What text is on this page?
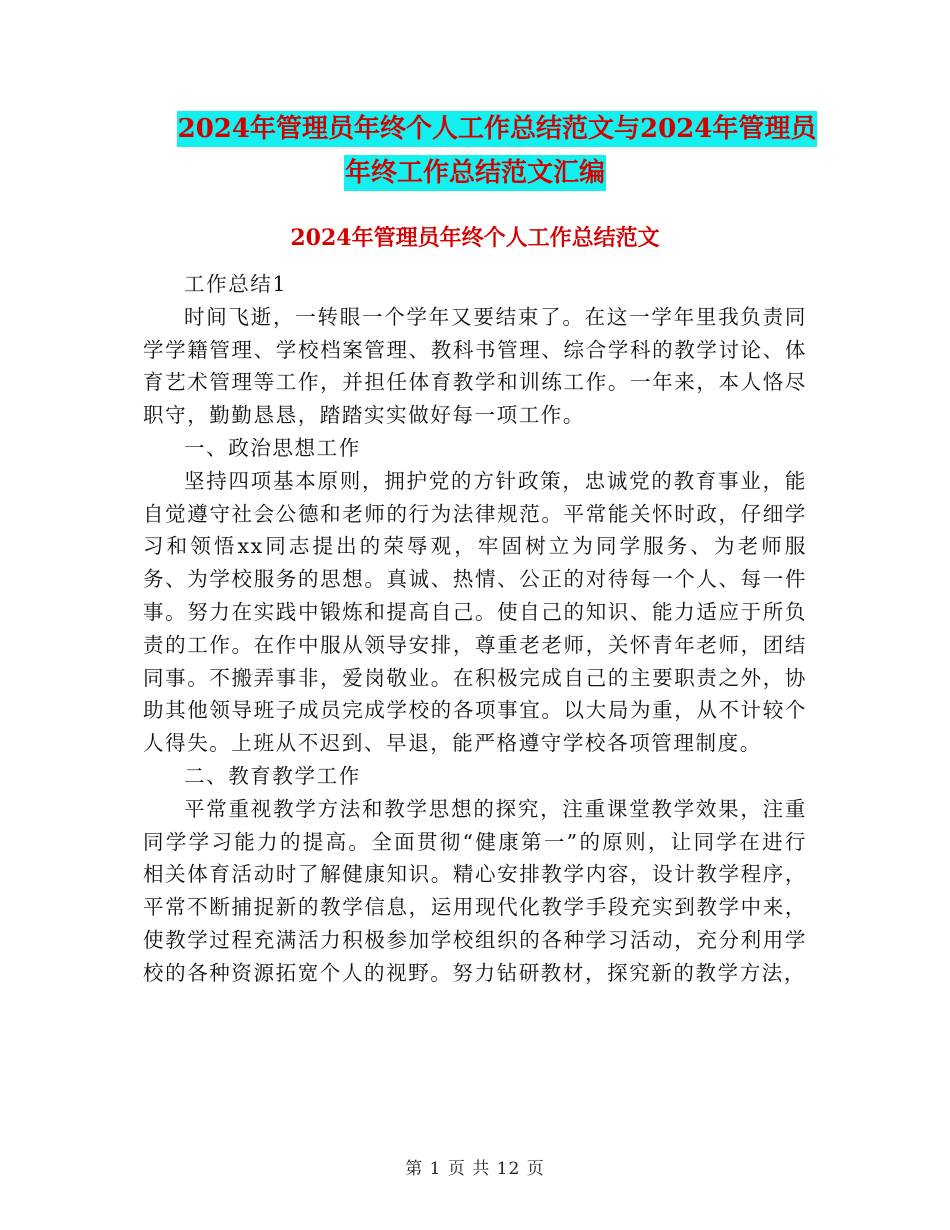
2024年管理员年终个人工作总结范文与2024年管理员
年终工作总结范文汇编
2024年管理员年终个人工作总结范文

工作总结1

时间飞逝，一转眼一个学年又要结束了。在这一学年里我负责同学学籍管理、学校档案管理、教科书管理、综合学科的教学讨论、体育艺术管理等工作，并担任体育教学和训练工作。一年来，本人恪尽职守，勤勤恳恳，踏踏实实做好每一项工作。

一、政治思想工作

坚持四项基本原则，拥护党的方针政策，忠诚党的教育事业，能自觉遵守社会公德和老师的行为法律规范。平常能关怀时政，仔细学习和领悟xx同志提出的荣辱观，牢固树立为同学服务、为老师服务、为学校服务的思想。真诚、热情、公正的对待每一个人、每一件事。努力在实践中锻炼和提高自己。使自己的知识、能力适应于所负责的工作。在作中服从领导安排，尊重老老师，关怀青年老师，团结同事。不搬弄事非，爱岗敬业。在积极完成自己的主要职责之外，协助其他领导班子成员完成学校的各项事宜。以大局为重，从不计较个人得失。上班从不迟到、早退，能严格遵守学校各项管理制度。

二、教育教学工作

平常重视教学方法和教学思想的探究，注重课堂教学效果，注重同学学习能力的提高。全面贯彻“健康第一”的原则，让同学在进行相关体育活动时了解健康知识。精心安排教学内容，设计教学程序，平常不断捕捉新的教学信息，运用现代化教学手段充实到教学中来，使教学过程充满活力积极参加学校组织的各种学习活动，充分利用学校的各种资源拓宽个人的视野。努力钻研教材，探究新的教学方法，

第 1 页 共 12 页
